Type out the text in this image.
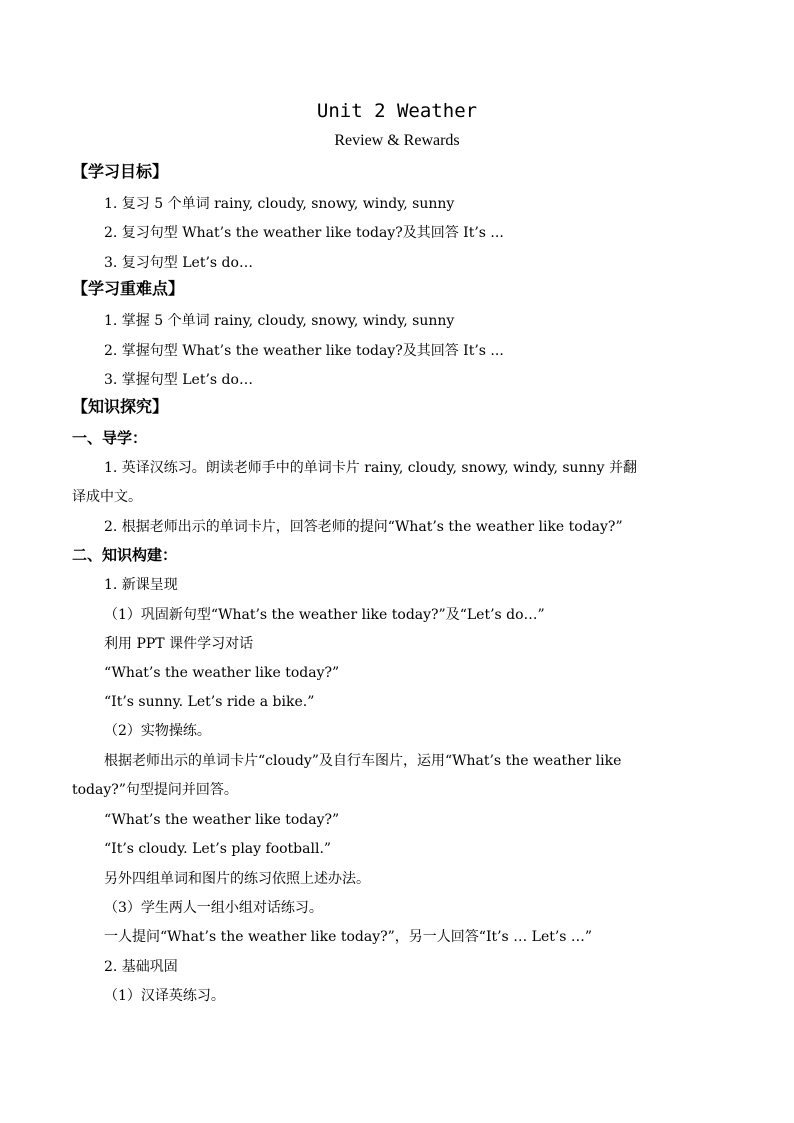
Unit 2 Weather
Review & Rewards
【学习目标】
1. 复习 5 个单词 rainy, cloudy, snowy, windy, sunny
2. 复习句型 What’s the weather like today?及其回答 It’s ...
3. 复习句型 Let’s do…
【学习重难点】
1. 掌握 5 个单词 rainy, cloudy, snowy, windy, sunny
2. 掌握句型 What’s the weather like today?及其回答 It’s ...
3. 掌握句型 Let’s do…
【知识探究】
一、导学：
1. 英译汉练习。朗读老师手中的单词卡片 rainy, cloudy, snowy, windy, sunny 并翻
译成中文。
2. 根据老师出示的单词卡片，回答老师的提问“What’s the weather like today?”
二、知识构建：
1. 新课呈现
（1）巩固新句型“What’s the weather like today?”及“Let’s do…”
利用 PPT 课件学习对话
“What’s the weather like today?”
“It’s sunny. Let’s ride a bike.”
（2）实物操练。
根据老师出示的单词卡片“cloudy”及自行车图片，运用“What’s the weather like
today?”句型提问并回答。
“What’s the weather like today?”
“It’s cloudy. Let’s play football.”
另外四组单词和图片的练习依照上述办法。
（3）学生两人一组小组对话练习。
一人提问“What’s the weather like today?”，另一人回答“It’s … Let’s …”
2. 基础巩固
（1）汉译英练习。
